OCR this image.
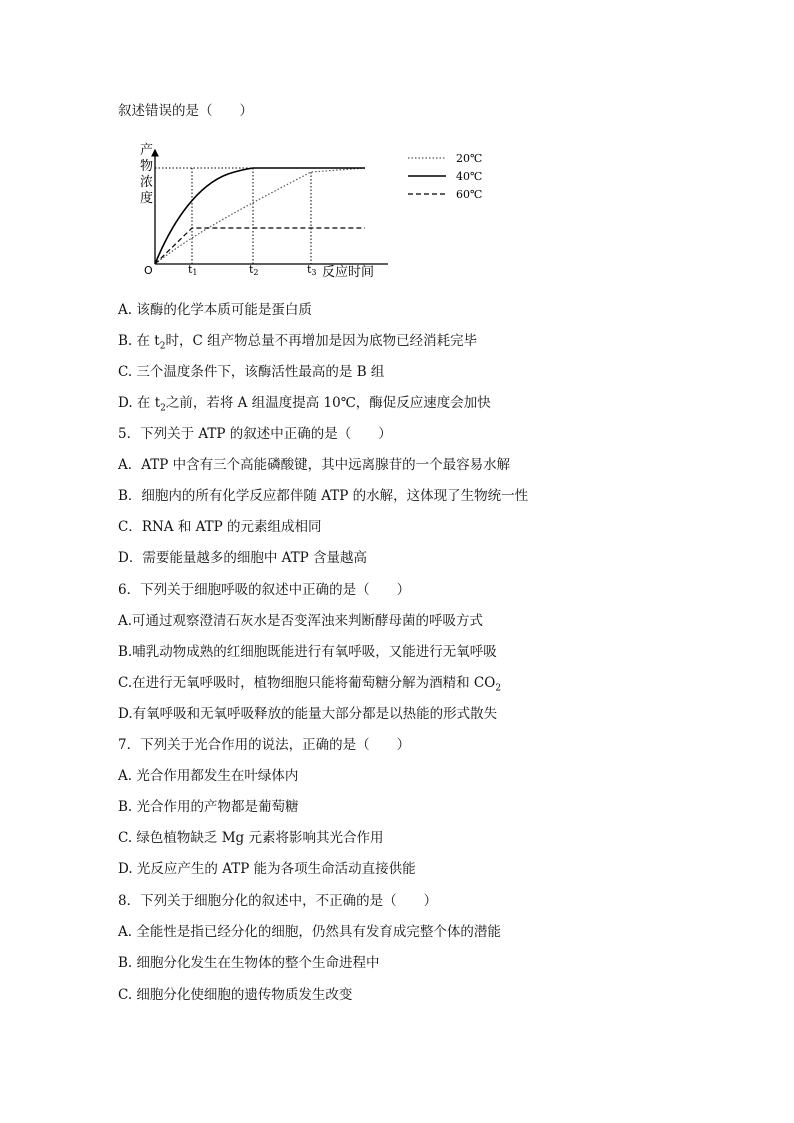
叙述错误的是（　　）
产
物
浓
度
O	t1	t2	t3 反应时间
20℃
40℃
60℃
A. 该酶的化学本质可能是蛋白质
B. 在 $t_2$时，C 组产物总量不再增加是因为底物已经消耗完毕
C. 三个温度条件下，该酶活性最高的是 B 组
D. 在 $t_2$之前，若将 A 组温度提高 10℃，酶促反应速度会加快
5．下列关于 ATP 的叙述中正确的是（　　）
A．ATP 中含有三个高能磷酸键，其中远离腺苷的一个最容易水解
B．细胞内的所有化学反应都伴随 ATP 的水解，这体现了生物统一性
C．RNA 和 ATP 的元素组成相同
D．需要能量越多的细胞中 ATP 含量越高
6．下列关于细胞呼吸的叙述中正确的是（　　）
A.可通过观察澄清石灰水是否变浑浊来判断酵母菌的呼吸方式
B.哺乳动物成熟的红细胞既能进行有氧呼吸，又能进行无氧呼吸
C.在进行无氧呼吸时，植物细胞只能将葡萄糖分解为酒精和 $CO_2$
D.有氧呼吸和无氧呼吸释放的能量大部分都是以热能的形式散失
7．下列关于光合作用的说法，正确的是（　　）
A. 光合作用都发生在叶绿体内
B. 光合作用的产物都是葡萄糖
C. 绿色植物缺乏 Mg 元素将影响其光合作用
D. 光反应产生的 ATP 能为各项生命活动直接供能
8．下列关于细胞分化的叙述中，不正确的是（　　）
A. 全能性是指已经分化的细胞，仍然具有发育成完整个体的潜能
B. 细胞分化发生在生物体的整个生命进程中
C. 细胞分化使细胞的遗传物质发生改变
